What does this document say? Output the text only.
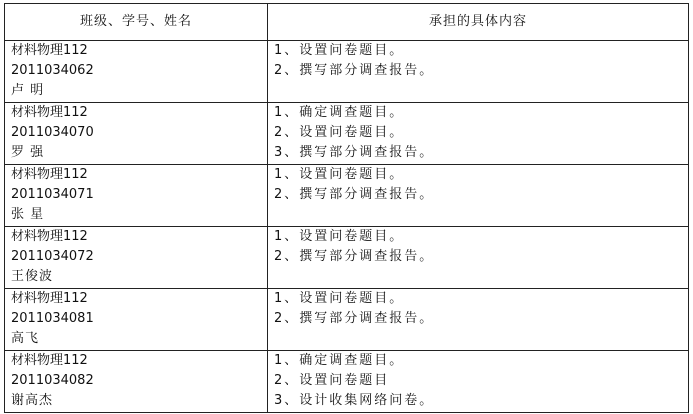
班级、学号、姓名	承担的具体内容

材料物理112
2011034062
卢 明	1、设置问卷题目。
2、撰写部分调查报告。

材料物理112
2011034070
罗 强	1、确定调查题目。
2、设置问卷题目。
3、撰写部分调查报告。

材料物理112
2011034071
张 星	1、设置问卷题目。
2、撰写部分调查报告。

材料物理112
2011034072
王俊波	1、设置问卷题目。
2、撰写部分调查报告。

材料物理112
2011034081
高飞	1、设置问卷题目。
2、撰写部分调查报告。

材料物理112
2011034082
谢高杰	1、确定调查题目。
2、设置问卷题目
3、设计收集网络问卷。
